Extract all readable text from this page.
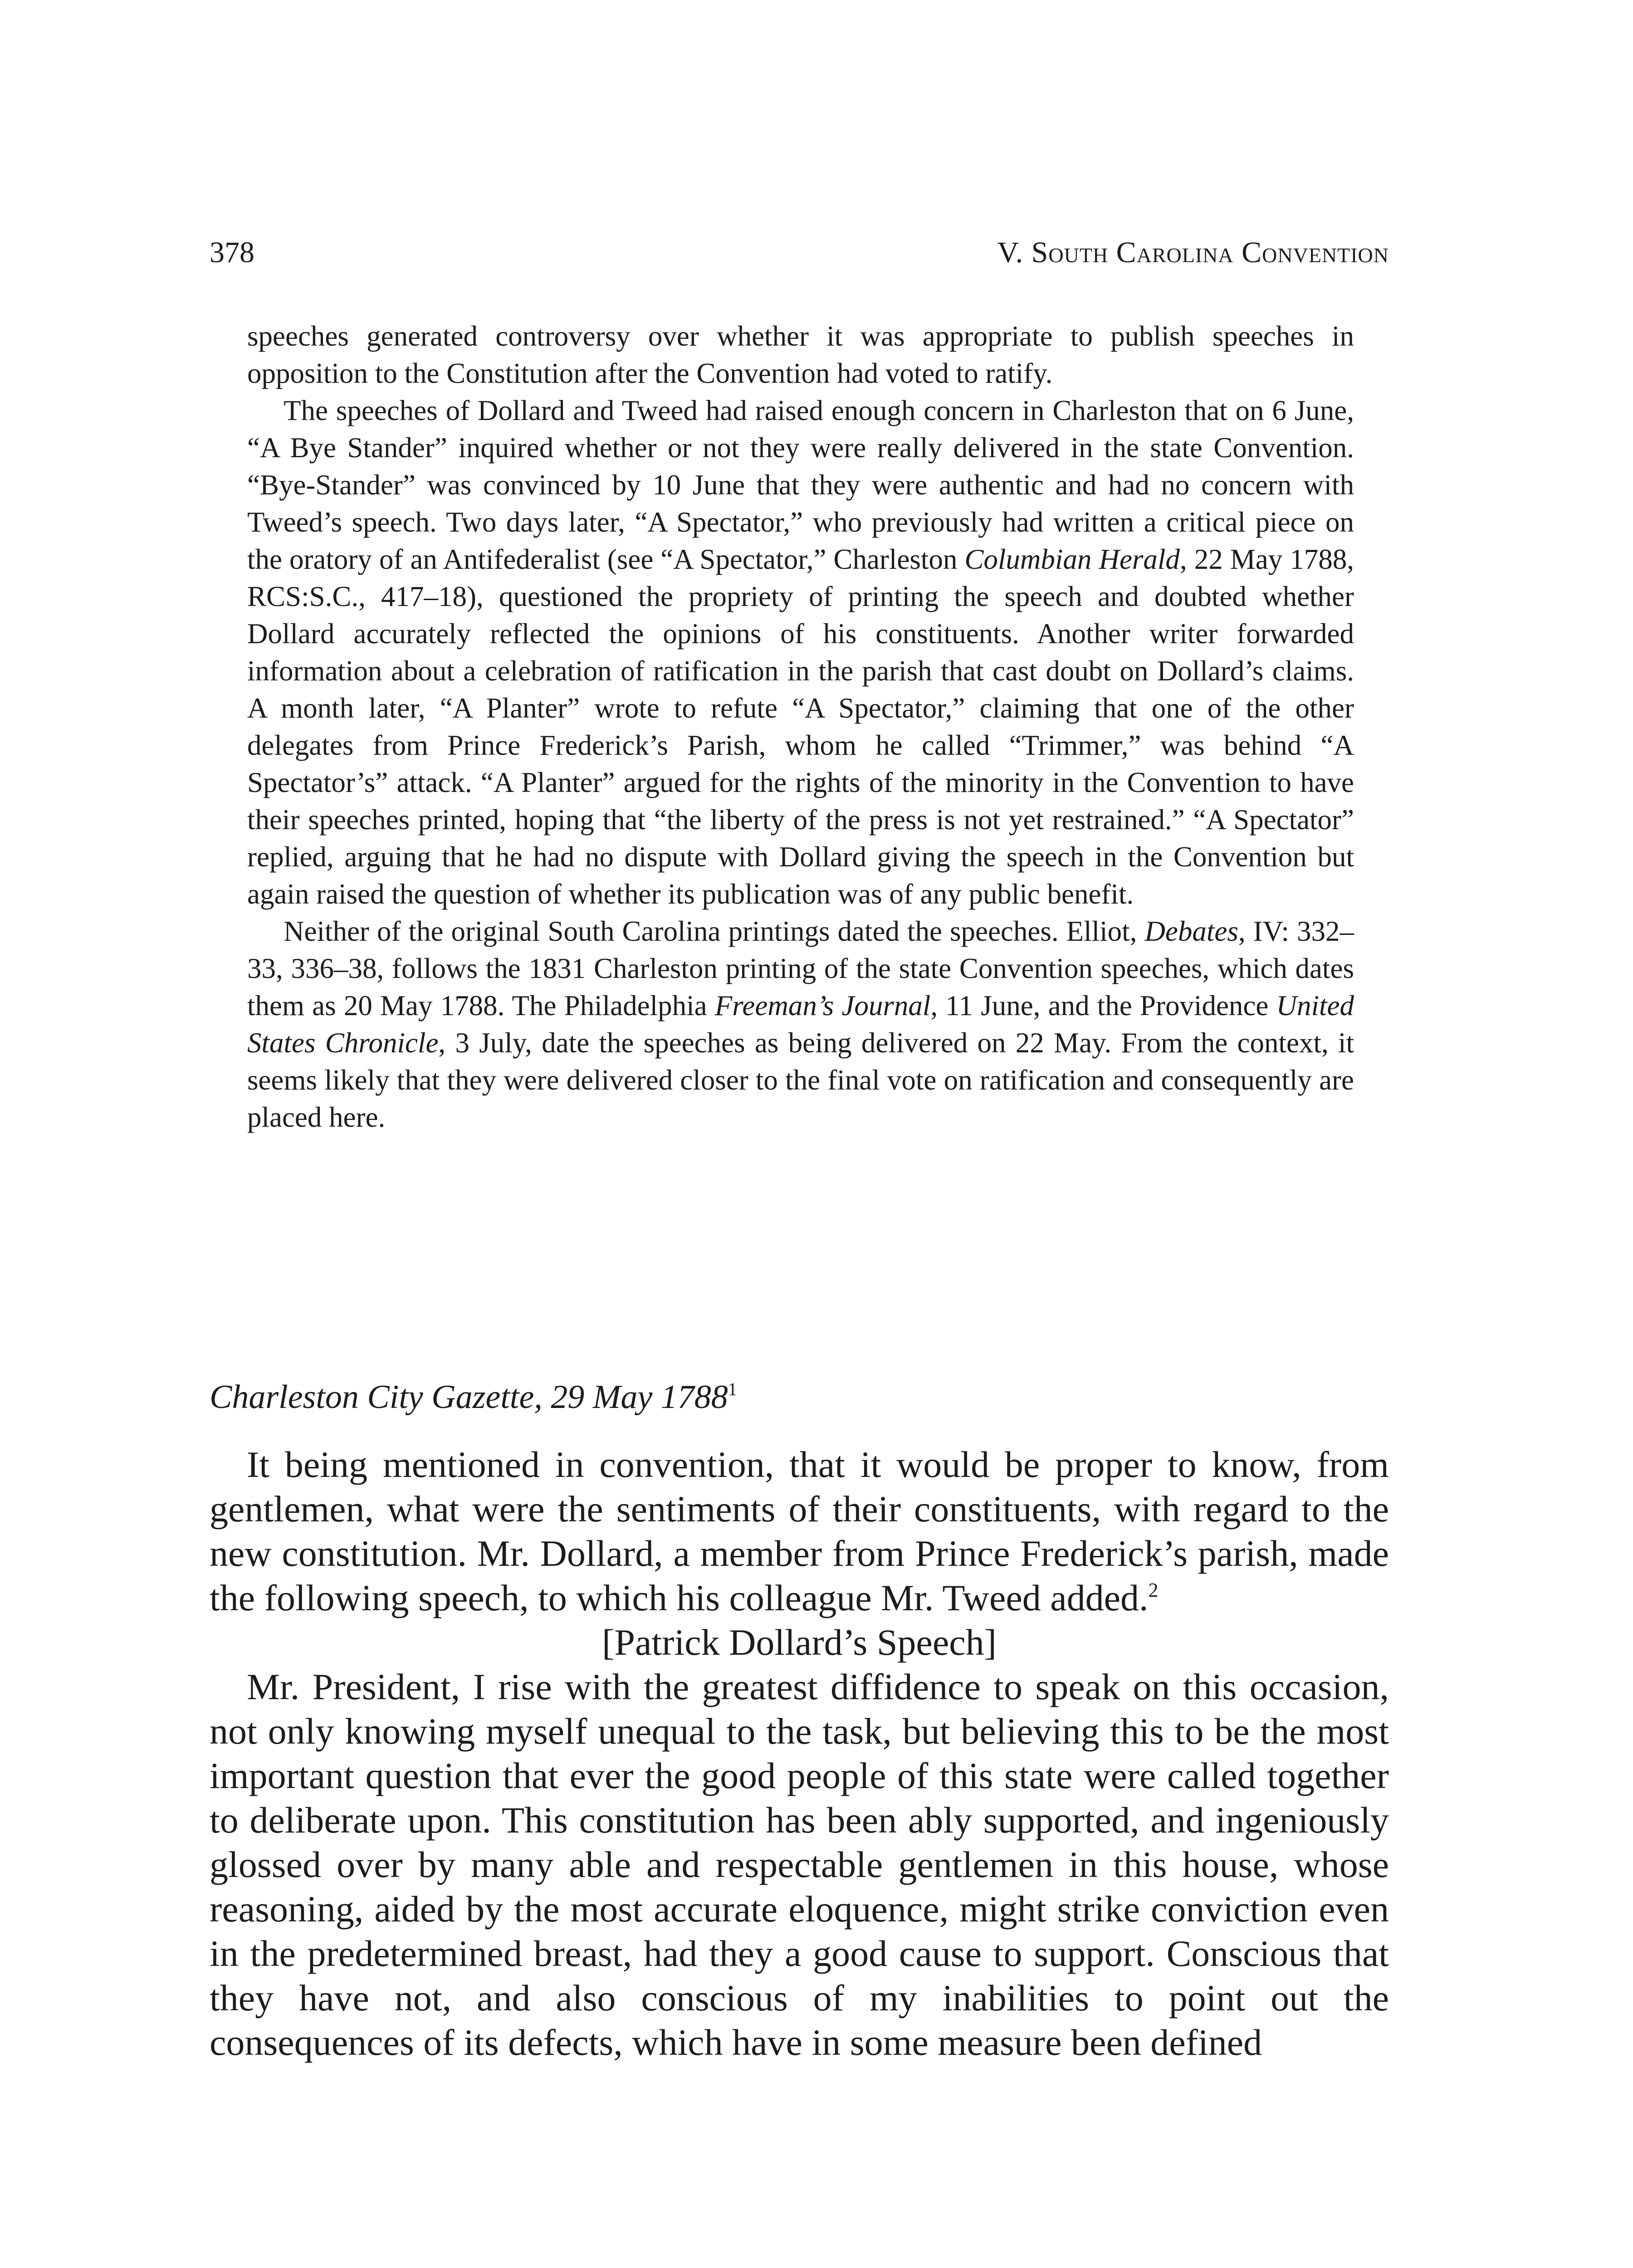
378	V. South Carolina Convention

speeches generated controversy over whether it was appropriate to publish speeches in opposition to the Constitution after the Convention had voted to ratify.

The speeches of Dollard and Tweed had raised enough concern in Charleston that on 6 June, “A Bye Stander” inquired whether or not they were really delivered in the state Convention. “Bye-Stander” was convinced by 10 June that they were authentic and had no concern with Tweed’s speech. Two days later, “A Spectator,” who previously had written a critical piece on the oratory of an Antifederalist (see “A Spectator,” Charleston Columbian Herald, 22 May 1788, RCS:S.C., 417–18), questioned the propriety of printing the speech and doubted whether Dollard accurately reflected the opinions of his constituents. Another writer forwarded information about a celebration of ratification in the parish that cast doubt on Dollard’s claims. A month later, “A Planter” wrote to refute “A Spectator,” claiming that one of the other delegates from Prince Frederick’s Parish, whom he called “Trimmer,” was behind “A Spectator’s” attack. “A Planter” argued for the rights of the minority in the Convention to have their speeches printed, hoping that “the liberty of the press is not yet restrained.” “A Spectator” replied, arguing that he had no dispute with Dollard giving the speech in the Convention but again raised the question of whether its publication was of any public benefit.

Neither of the original South Carolina printings dated the speeches. Elliot, Debates, IV: 332–33, 336–38, follows the 1831 Charleston printing of the state Convention speeches, which dates them as 20 May 1788. The Philadelphia Freeman’s Journal, 11 June, and the Providence United States Chronicle, 3 July, date the speeches as being delivered on 22 May. From the context, it seems likely that they were delivered closer to the final vote on ratification and consequently are placed here.

Charleston City Gazette, 29 May 1788$^1$

It being mentioned in convention, that it would be proper to know, from gentlemen, what were the sentiments of their constituents, with regard to the new constitution. Mr. Dollard, a member from Prince Frederick’s parish, made the following speech, to which his colleague Mr. Tweed added.$^2$

[Patrick Dollard’s Speech]

Mr. President, I rise with the greatest diffidence to speak on this occasion, not only knowing myself unequal to the task, but believing this to be the most important question that ever the good people of this state were called together to deliberate upon. This constitution has been ably supported, and ingeniously glossed over by many able and respectable gentlemen in this house, whose reasoning, aided by the most accurate eloquence, might strike conviction even in the predetermined breast, had they a good cause to support. Conscious that they have not, and also conscious of my inabilities to point out the consequences of its defects, which have in some measure been defined
